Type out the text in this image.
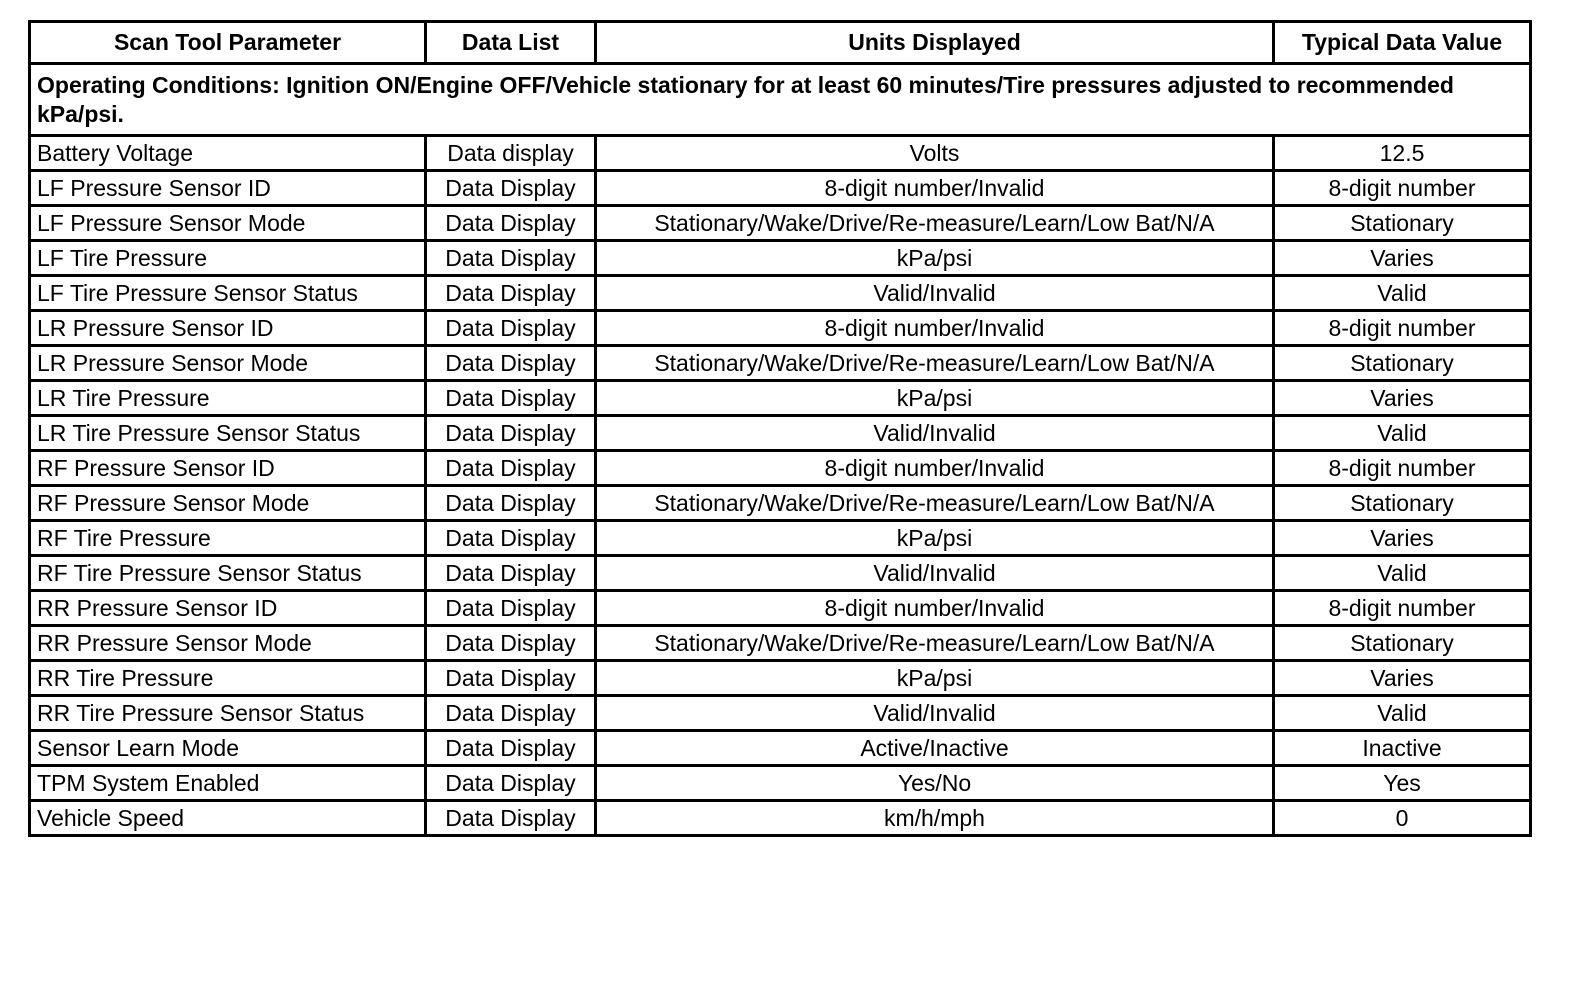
Scan Tool Parameter	Data List	Units Displayed	Typical Data Value
Operating Conditions: Ignition ON/Engine OFF/Vehicle stationary for at least 60 minutes/Tire pressures adjusted to recommended kPa/psi.			
Battery Voltage	Data display	Volts	12.5
LF Pressure Sensor ID	Data Display	8-digit number/Invalid	8-digit number
LF Pressure Sensor Mode	Data Display	Stationary/Wake/Drive/Re-measure/Learn/Low Bat/N/A	Stationary
LF Tire Pressure	Data Display	kPa/psi	Varies
LF Tire Pressure Sensor Status	Data Display	Valid/Invalid	Valid
LR Pressure Sensor ID	Data Display	8-digit number/Invalid	8-digit number
LR Pressure Sensor Mode	Data Display	Stationary/Wake/Drive/Re-measure/Learn/Low Bat/N/A	Stationary
LR Tire Pressure	Data Display	kPa/psi	Varies
LR Tire Pressure Sensor Status	Data Display	Valid/Invalid	Valid
RF Pressure Sensor ID	Data Display	8-digit number/Invalid	8-digit number
RF Pressure Sensor Mode	Data Display	Stationary/Wake/Drive/Re-measure/Learn/Low Bat/N/A	Stationary
RF Tire Pressure	Data Display	kPa/psi	Varies
RF Tire Pressure Sensor Status	Data Display	Valid/Invalid	Valid
RR Pressure Sensor ID	Data Display	8-digit number/Invalid	8-digit number
RR Pressure Sensor Mode	Data Display	Stationary/Wake/Drive/Re-measure/Learn/Low Bat/N/A	Stationary
RR Tire Pressure	Data Display	kPa/psi	Varies
RR Tire Pressure Sensor Status	Data Display	Valid/Invalid	Valid
Sensor Learn Mode	Data Display	Active/Inactive	Inactive
TPM System Enabled	Data Display	Yes/No	Yes
Vehicle Speed	Data Display	km/h/mph	0
